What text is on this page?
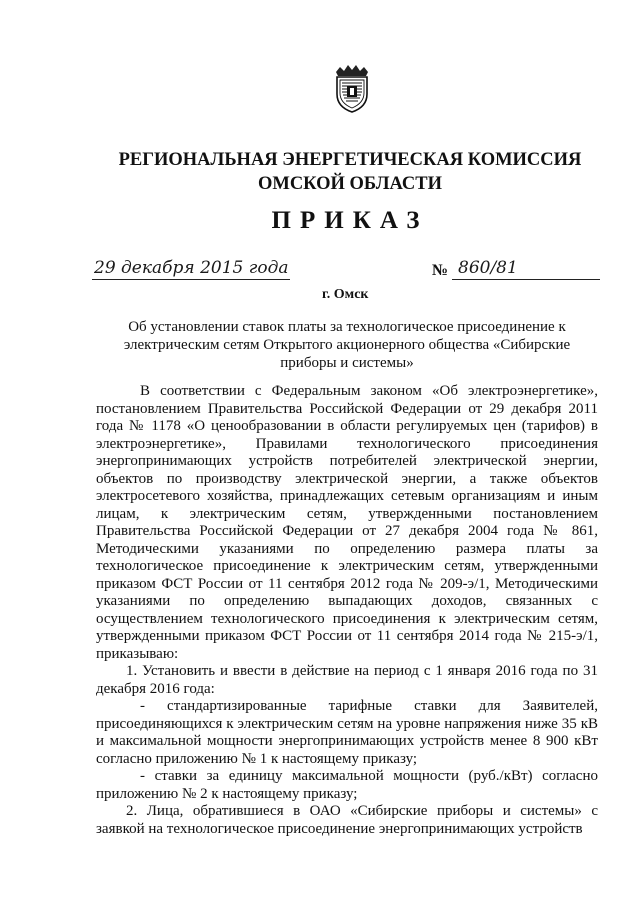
РЕГИОНАЛЬНАЯ ЭНЕРГЕТИЧЕСКАЯ КОМИССИЯ
ОМСКОЙ ОБЛАСТИ
ПРИКАЗ
29 декабря 2015 года	№ 860/81
г. Омск
Об установлении ставок платы за технологическое присоединение к электрическим сетям Открытого акционерного общества «Сибирские приборы и системы»

В соответствии с Федеральным законом «Об электроэнергетике», постановлением Правительства Российской Федерации от 29 декабря 2011 года № 1178 «О ценообразовании в области регулируемых цен (тарифов) в электроэнергетике», Правилами технологического присоединения энергопринимающих устройств потребителей электрической энергии, объектов по производству электрической энергии, а также объектов электросетевого хозяйства, принадлежащих сетевым организациям и иным лицам, к электрическим сетям, утвержденными постановлением Правительства Российской Федерации от 27 декабря 2004 года № 861, Методическими указаниями по определению размера платы за технологическое присоединение к электрическим сетям, утвержденными приказом ФСТ России от 11 сентября 2012 года № 209-э/1, Методическими указаниями по определению выпадающих доходов, связанных с осуществлением технологического присоединения к электрическим сетям, утвержденными приказом ФСТ России от 11 сентября 2014 года № 215-э/1, приказываю:

1. Установить и ввести в действие на период с 1 января 2016 года по 31 декабря 2016 года:

- стандартизированные тарифные ставки для Заявителей, присоединяющихся к электрическим сетям на уровне напряжения ниже 35 кВ и максимальной мощности энергопринимающих устройств менее 8 900 кВт согласно приложению № 1 к настоящему приказу;

- ставки за единицу максимальной мощности (руб./кВт) согласно приложению № 2 к настоящему приказу;

2. Лица, обратившиеся в ОАО «Сибирские приборы и системы» с заявкой на технологическое присоединение энергопринимающих устройств
